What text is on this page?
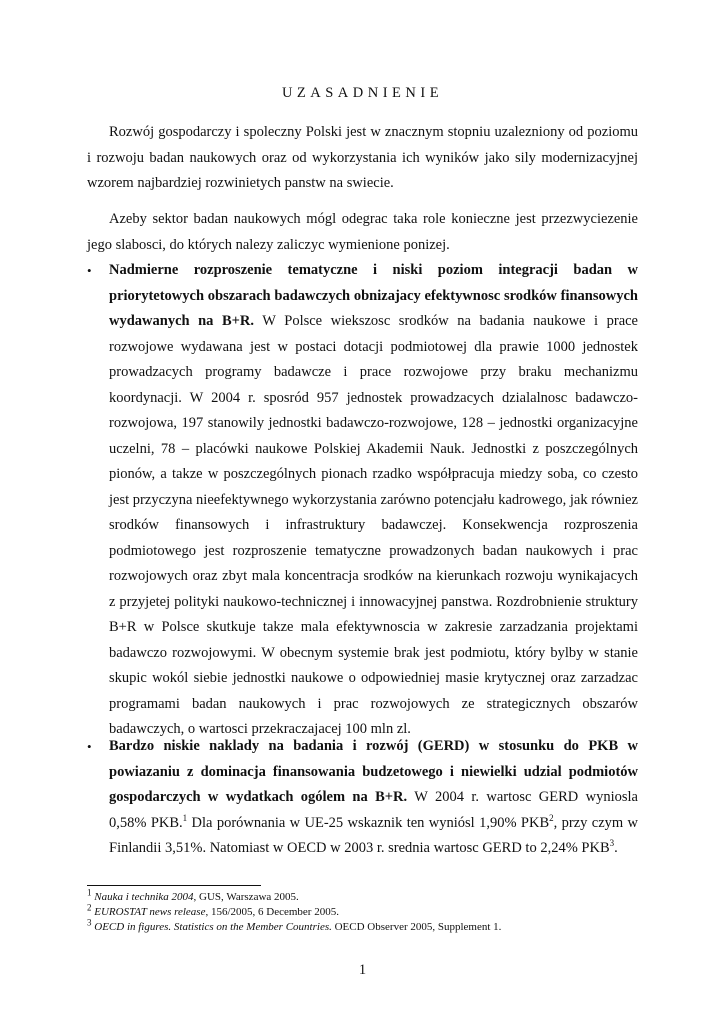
UZASADNIENIE

Rozwój gospodarczy i spoleczny Polski jest w znacznym stopniu uzalezniony od poziomu i rozwoju badan naukowych oraz od wykorzystania ich wyników jako sily modernizacyjnej wzorem najbardziej rozwinietych panstw na swiecie.

Azeby sektor badan naukowych mógl odegrac taka role konieczne jest przezwyciezenie jego slabosci, do których nalezy zaliczyc wymienione ponizej.

•	Nadmierne rozproszenie tematyczne i niski poziom integracji badan w priorytetowych obszarach badawczych obnizajacy efektywnosc srodków finansowych wydawanych na B+R. W Polsce wiekszosc srodków na badania naukowe i prace rozwojowe wydawana jest w postaci dotacji podmiotowej dla prawie 1000 jednostek prowadzacych programy badawcze i prace rozwojowe przy braku mechanizmu koordynacji. W 2004 r. sposród 957 jednostek prowadzacych dzialalnosc badawczo-rozwojowa, 197 stanowily jednostki badawczo-rozwojowe, 128 – jednostki organizacyjne uczelni, 78 – placówki naukowe Polskiej Akademii Nauk. Jednostki z poszczególnych pionów, a takze w poszczególnych pionach rzadko współpracuja miedzy soba, co czesto jest przyczyna nieefektywnego wykorzystania zarówno potencjału kadrowego, jak równiez srodków finansowych i infrastruktury badawczej. Konsekwencja rozproszenia podmiotowego jest rozproszenie tematyczne prowadzonych badan naukowych i prac rozwojowych oraz zbyt mala koncentracja srodków na kierunkach rozwoju wynikajacych z przyjetej polityki naukowo-technicznej i innowacyjnej panstwa. Rozdrobnienie struktury B+R w Polsce skutkuje takze mala efektywnoscia w zakresie zarzadzania projektami badawczo rozwojowymi. W obecnym systemie brak jest podmiotu, który bylby w stanie skupic wokól siebie jednostki naukowe o odpowiedniej masie krytycznej oraz zarzadzac programami badan naukowych i prac rozwojowych ze strategicznych obszarów badawczych, o wartosci przekraczajacej 100 mln zl.
•	Bardzo niskie naklady na badania i rozwój (GERD) w stosunku do PKB w powiazaniu z dominacja finansowania budzetowego i niewielki udzial podmiotów gospodarczych w wydatkach ogólem na B+R. W 2004 r. wartosc GERD wyniosla 0,58% PKB.$^1$ Dla porównania w UE-25 wskaznik ten wyniósl 1,90% PKB$^2$, przy czym w Finlandii 3,51%. Natomiast w OECD w 2003 r. srednia wartosc GERD to 2,24% PKB$^3$.

$^1$ Nauka i technika 2004, GUS, Warszawa 2005.

$^2$ EUROSTAT news release, 156/2005, 6 December 2005.

$^3$ OECD in figures. Statistics on the Member Countries. OECD Observer 2005, Supplement 1.

1
